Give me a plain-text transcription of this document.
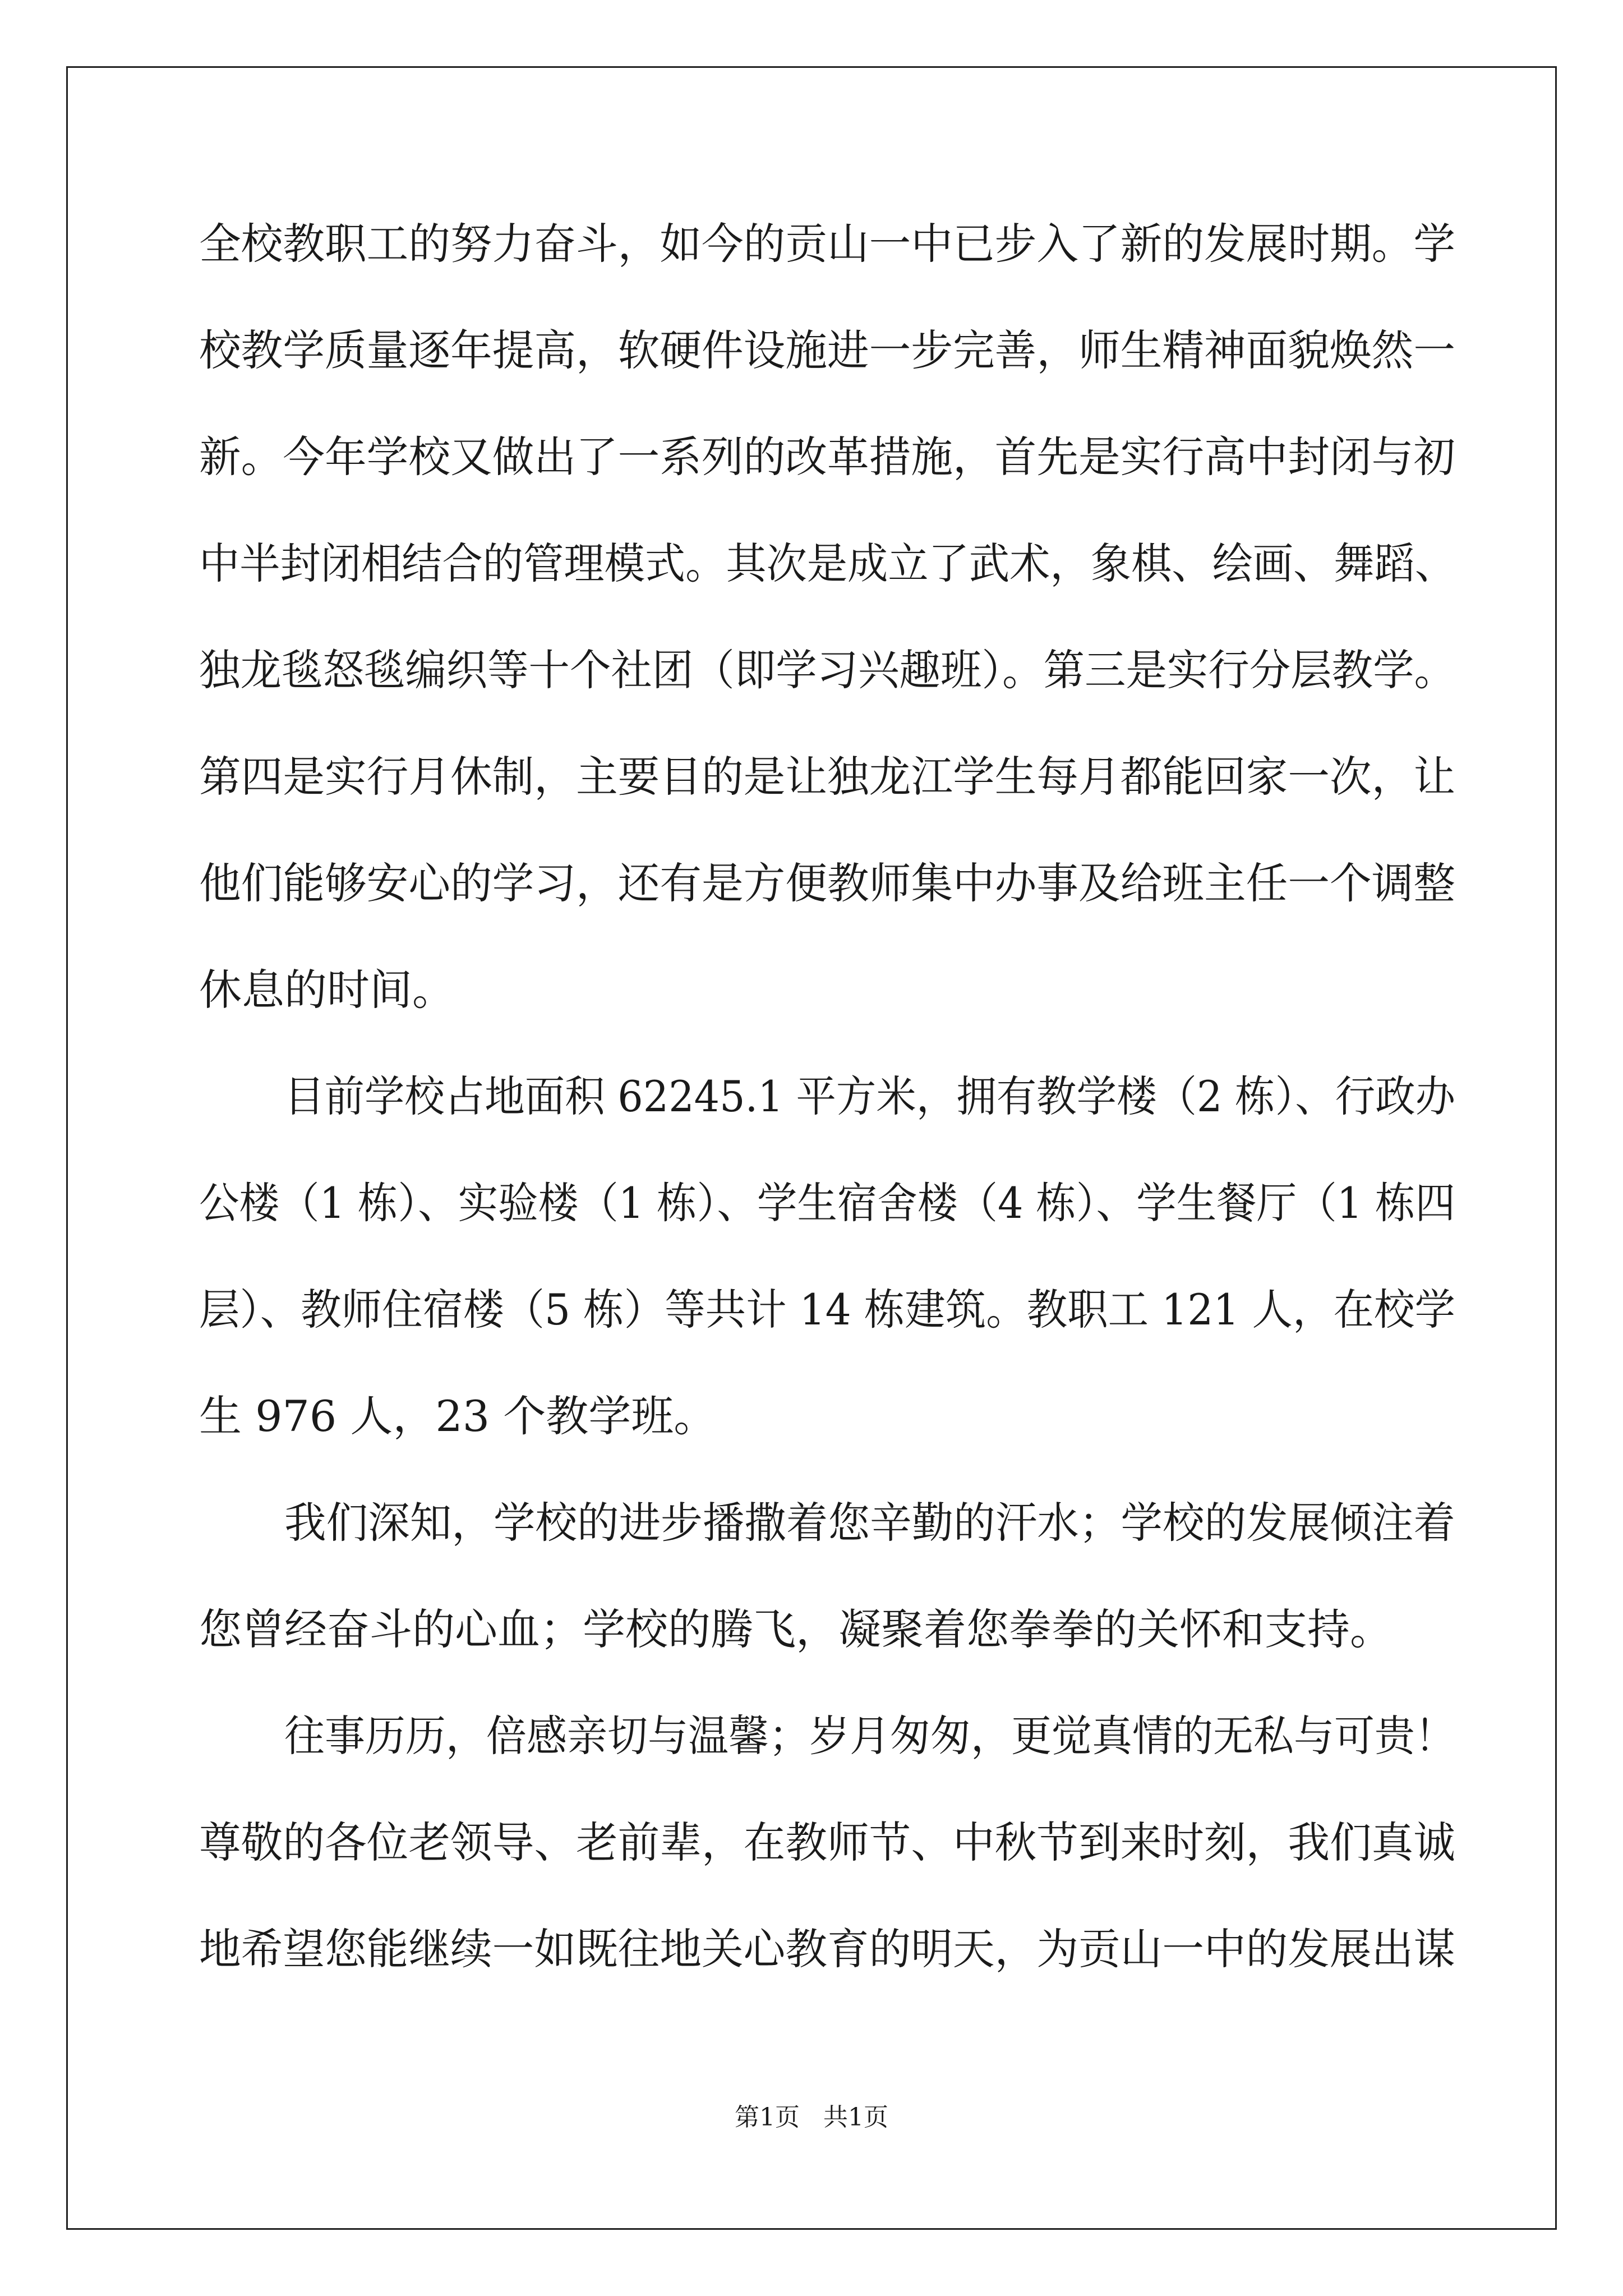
全校教职工的努力奋斗，如今的贡山一中已步入了新的发展时期。学
校教学质量逐年提高，软硬件设施进一步完善，师生精神面貌焕然一
新。今年学校又做出了一系列的改革措施，首先是实行高中封闭与初
中半封闭相结合的管理模式。其次是成立了武术，象棋、绘画、舞蹈、
独龙毯怒毯编织等十个社团（即学习兴趣班）。第三是实行分层教学。
第四是实行月休制，主要目的是让独龙江学生每月都能回家一次，让
他们能够安心的学习，还有是方便教师集中办事及给班主任一个调整
休息的时间。
目前学校占地面积 62245.1 平方米，拥有教学楼（2 栋）、行政办
公楼（1 栋）、实验楼（1 栋）、学生宿舍楼（4 栋）、学生餐厅（1 栋四
层）、教师住宿楼（5 栋）等共计 14 栋建筑。教职工 121 人，在校学
生 976 人，23 个教学班。
我们深知，学校的进步播撒着您辛勤的汗水；学校的发展倾注着
您曾经奋斗的心血；学校的腾飞，凝聚着您拳拳的关怀和支持。
往事历历，倍感亲切与温馨；岁月匆匆，更觉真情的无私与可贵！
尊敬的各位老领导、老前辈，在教师节、中秋节到来时刻，我们真诚
地希望您能继续一如既往地关心教育的明天，为贡山一中的发展出谋
第1页   共1页
